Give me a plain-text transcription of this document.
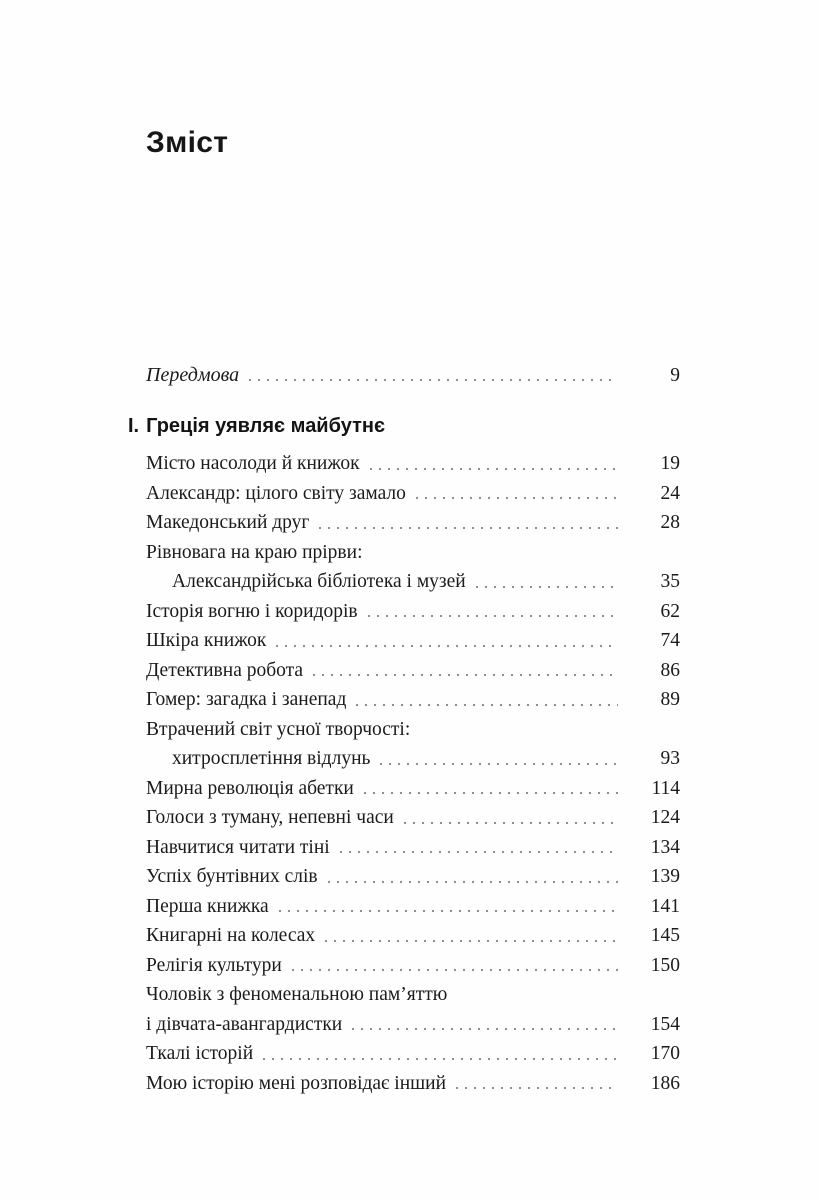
Зміст
Передмова	9
І. Греція уявляє майбутнє
Місто насолоди й книжок	19
Александр: цілого світу замало	24
Македонський друг	28
Рівновага на краю прірви:
Александрійська бібліотека і музей	35
Історія вогню і коридорів	62
Шкіра книжок	74
Детективна робота	86
Гомер: загадка і занепад	89
Втрачений світ усної творчості:
хитросплетіння відлунь	93
Мирна революція абетки	114
Голоси з туману, непевні часи	124
Навчитися читати тіні	134
Успіх бунтівних слів	139
Перша книжка	141
Книгарні на колесах	145
Релігія культури	150
Чоловік з феноменальною пам’яттю
і дівчата-авангардистки	154
Ткалі історій	170
Мою історію мені розповідає інший	186
